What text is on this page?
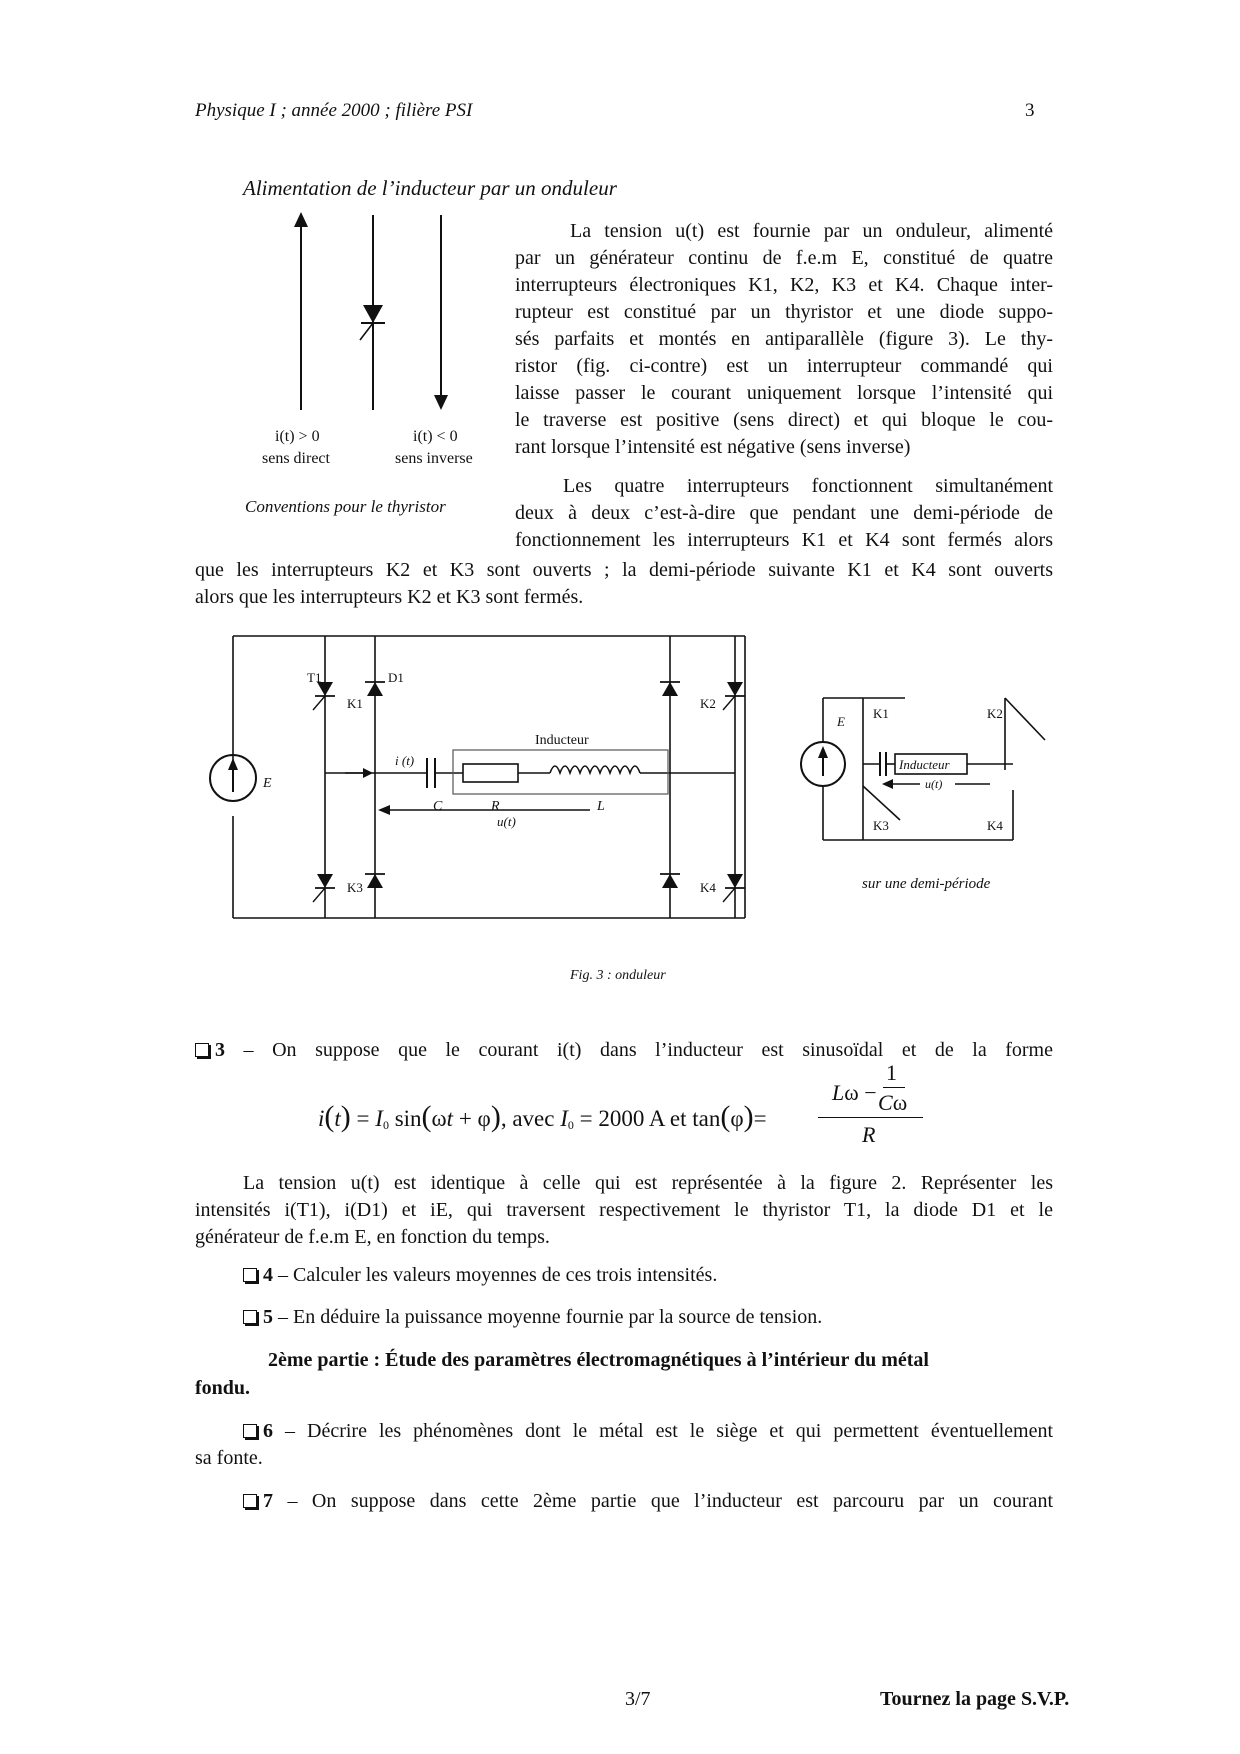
Physique I ; année 2000 ; filière PSI	3
Alimentation de l’inducteur par un onduleur
i(t) > 0
sens direct
i(t) < 0
sens inverse
Conventions pour le thyristor
La tension u(t) est fournie par un onduleur, alimenté
par un générateur continu de f.e.m E, constitué de quatre
interrupteurs électroniques K1, K2, K3 et K4. Chaque inter-
rupteur est constitué par un thyristor et une diode suppo-
sés parfaits et montés en antiparallèle (figure 3). Le thy-
ristor (fig. ci-contre) est un interrupteur commandé qui
laisse passer le courant uniquement lorsque l’intensité qui
le traverse est positive (sens direct) et qui bloque le cou-
rant lorsque l’intensité est négative (sens inverse)
Les quatre interrupteurs fonctionnent simultanément
deux à deux c’est-à-dire que pendant une demi-période de
fonctionnement les interrupteurs K1 et K4 sont fermés alors
que les interrupteurs K2 et K3 sont ouverts ; la demi-période suivante K1 et K4 sont ouverts
alors que les interrupteurs K2 et K3 sont fermés.
T1	D1
K1	K2
K3	K4
E
Inducteur
i (t)
C	R	L
u(t)
E
K1	K2
K3	K4
Inducteur
u(t)
sur une demi-période
Fig. 3 : onduleur
3 – On suppose que le courant i(t) dans l’inducteur est sinusoïdal et de la forme
$i(t) = I_0$ sin(ωt + φ), avec $I_0 = 2000$ A et tan(φ)=
1
Lω − Cω
R
La tension u(t) est identique à celle qui est représentée à la figure 2. Représenter les
intensités i(T1), i(D1) et iE, qui traversent respectivement le thyristor T1, la diode D1 et le
générateur de f.e.m E, en fonction du temps.
4 – Calculer les valeurs moyennes de ces trois intensités.
5 – En déduire la puissance moyenne fournie par la source de tension.
2ème partie : Étude des paramètres électromagnétiques à l’intérieur du métal
fondu.
6 – Décrire les phénomènes dont le métal est le siège et qui permettent éventuellement
sa fonte.
7 – On suppose dans cette 2ème partie que l’inducteur est parcouru par un courant
3/7	Tournez la page S.V.P.
